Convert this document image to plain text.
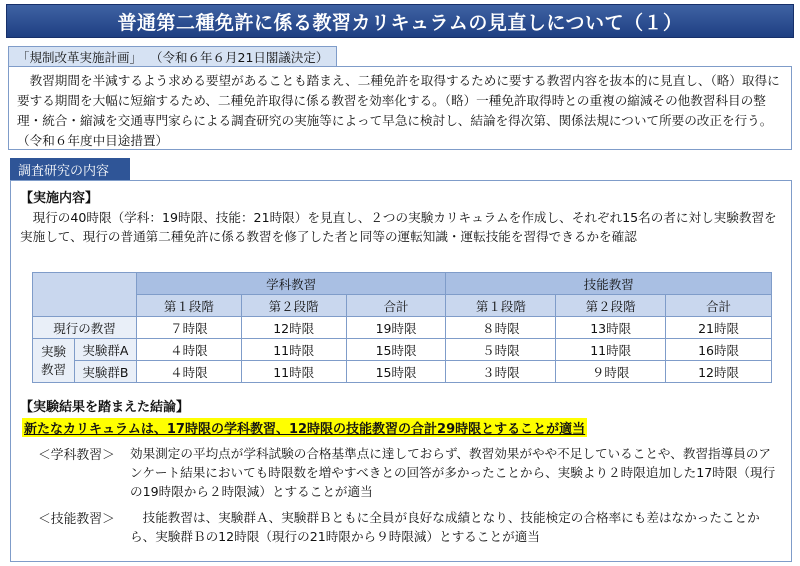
普通第二種免許に係る教習カリキュラムの見直しについて（１）
「規制改革実施計画」 （令和６年６月21日閣議決定）
教習期間を半減するよう求める要望があることも踏まえ、二種免許を取得するために要する教習内容を抜本的に見直し、（略）取得に要する期間を大幅に短縮するため、二種免許取得に係る教習を効率化する。（略）一種免許取得時との重複の縮減その他教習科目の整理・統合・縮減を交通専門家らによる調査研究の実施等によって早急に検討し、結論を得次第、関係法規について所要の改正を行う。（令和６年度中目途措置）
調査研究の内容
【実施内容】
現行の40時限（学科：19時限、技能：21時限）を見直し、２つの実験カリキュラムを作成し、それぞれ15名の者に対し実験教習を実施して、現行の普通第二種免許に係る教習を修了した者と同等の運転知識・運転技能を習得できるかを確認
		学科教習			技能教習		
		第１段階	第２段階	合計	第１段階	第２段階	合計
現行の教習		７時限	12時限	19時限	８時限	13時限	21時限
実験教習	実験群A	４時限	11時限	15時限	５時限	11時限	16時限
	実験群B	４時限	11時限	15時限	３時限	９時限	12時限
【実験結果を踏まえた結論】
新たなカリキュラムは、17時限の学科教習、12時限の技能教習の合計29時限とすることが適当
＜学科教習＞ 効果測定の平均点が学科試験の合格基準点に達しておらず、教習効果がやや不足していることや、教習指導員のアンケート結果においても時限数を増やすべきとの回答が多かったことから、実験より２時限追加した17時限（現行の19時限から２時限減）とすることが適当
＜技能教習＞	技能教習は、実験群Ａ、実験群Ｂともに全員が良好な成績となり、技能検定の合格率にも差はなかったことから、実験群Ｂの12時限（現行の21時限から９時限減）とすることが適当
